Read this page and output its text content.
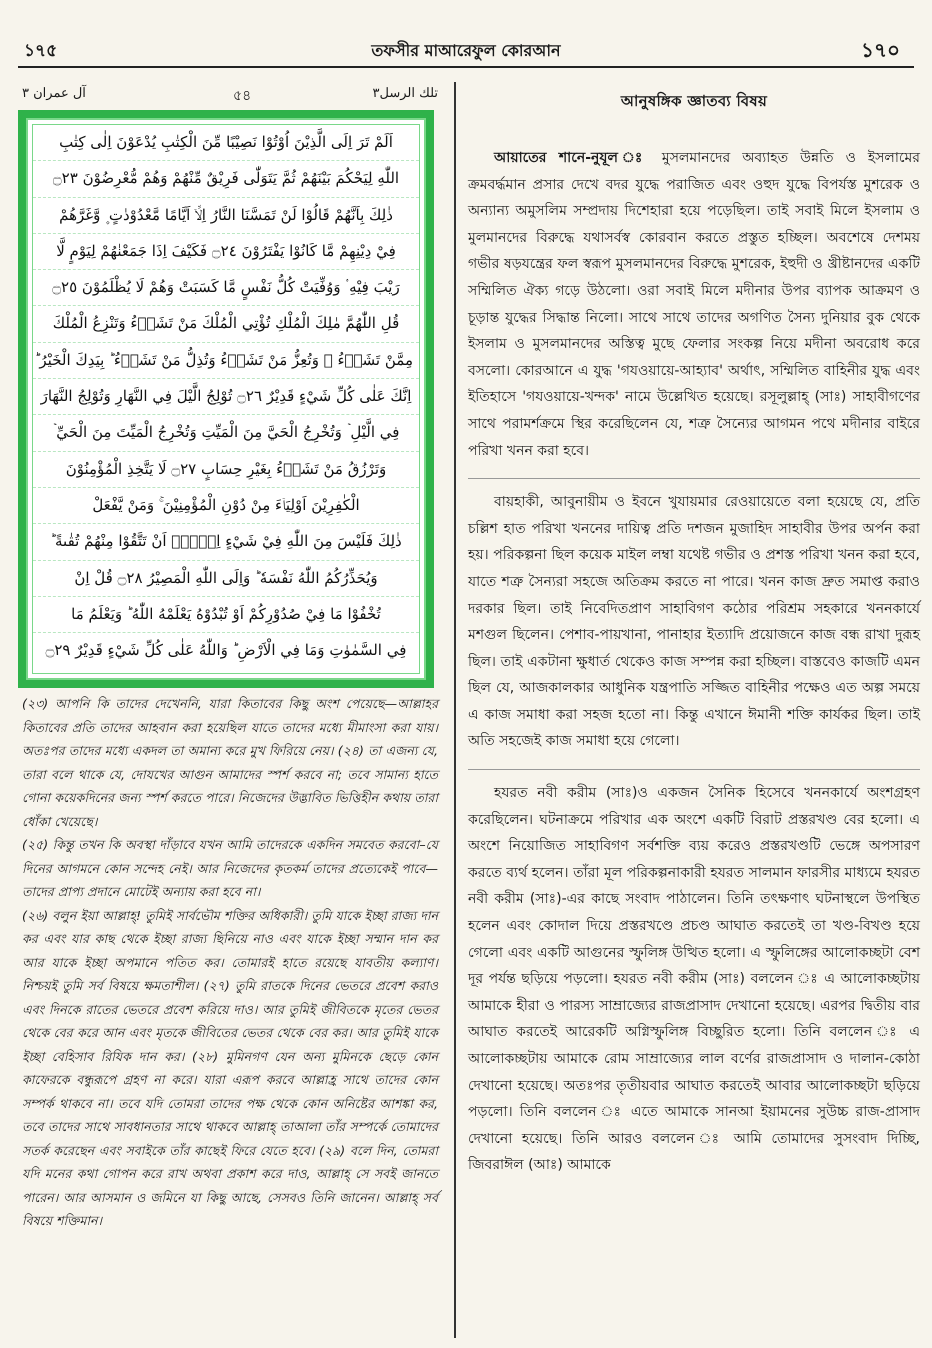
১৭৫	তফসীর মাআরেফুল কোরআন	১৭০
آل عمران ٣	৫৪	تلك الرسل٣
اَلَمْ تَرَ اِلَى الَّذِيْنَ اُوْتُوْا نَصِيْبًا مِّنَ الْكِتٰبِ يُدْعَوْنَ اِلٰى كِتٰبِ
اللّٰهِ لِيَحْكُمَ بَيْنَهُمْ ثُمَّ يَتَوَلّٰى فَرِيْقٌ مِّنْهُمْ وَهُمْ مُّعْرِضُوْنَ ۝٢٣
ذٰلِكَ بِاَنَّهُمْ قَالُوْا لَنْ تَمَسَّنَا النَّارُ اِلَّاۤ اَيَّامًا مَّعْدُوْدٰتٍ ۪ وَّغَرَّهُمْ
فِيْ دِيْنِهِمْ مَّا كَانُوْا يَفْتَرُوْنَ ۝٢٤ فَكَيْفَ اِذَا جَمَعْنٰهُمْ لِيَوْمٍ لَّا
رَيْبَ فِيْهِ ۟ وَوُفِّيَتْ كُلُّ نَفْسٍ مَّا كَسَبَتْ وَهُمْ لَا يُظْلَمُوْنَ ۝٢٥
قُلِ اللّٰهُمَّ مٰلِكَ الْمُلْكِ تُؤْتِي الْمُلْكَ مَنْ تَشَاۤءُ وَتَنْزِعُ الْمُلْكَ
مِمَّنْ تَشَاۤءُ ۡ وَتُعِزُّ مَنْ تَشَاۤءُ وَتُذِلُّ مَنْ تَشَاۤءُ ؕ بِيَدِكَ الْخَيْرُ ؕ
اِنَّكَ عَلٰى كُلِّ شَيْءٍ قَدِيْرٌ ۝٢٦ تُوْلِجُ الَّيْلَ فِي النَّهَارِ وَتُوْلِجُ النَّهَارَ
فِي الَّيْلِ ۡ وَتُخْرِجُ الْحَيَّ مِنَ الْمَيِّتِ وَتُخْرِجُ الْمَيِّتَ مِنَ الْحَيِّ ۡ
وَتَرْزُقُ مَنْ تَشَاۤءُ بِغَيْرِ حِسَابٍ ۝٢٧ لَا يَتَّخِذِ الْمُؤْمِنُوْنَ
الْكٰفِرِيْنَ اَوْلِيَاۤءَ مِنْ دُوْنِ الْمُؤْمِنِيْنَ ۚ وَمَنْ يَّفْعَلْ
ذٰلِكَ فَلَيْسَ مِنَ اللّٰهِ فِيْ شَيْءٍ اِلَّاۤ اَنْ تَتَّقُوْا مِنْهُمْ تُقٰىةً ؕ
وَيُحَذِّرُكُمُ اللّٰهُ نَفْسَهٗ ؕ وَاِلَى اللّٰهِ الْمَصِيْرُ ۝٢٨ قُلْ اِنْ
تُخْفُوْا مَا فِيْ صُدُوْرِكُمْ اَوْ تُبْدُوْهُ يَعْلَمْهُ اللّٰهُ ؕ وَيَعْلَمُ مَا
فِي السَّمٰوٰتِ وَمَا فِي الْاَرْضِ ؕ وَاللّٰهُ عَلٰى كُلِّ شَيْءٍ قَدِيْرٌ ۝٢٩

(২৩) আপনি কি তাদের দেখেননি, যারা কিতাবের কিছু অংশ পেয়েছে—আল্লাহর কিতাবের প্রতি তাদের আহবান করা হয়েছিল যাতে তাদের মধ্যে মীমাংসা করা যায়। অতঃপর তাদের মধ্যে একদল তা অমান্য করে মুখ ফিরিয়ে নেয়। (২৪) তা এজন্য যে, তারা বলে থাকে যে, দোযখের আগুন আমাদের স্পর্শ করবে না; তবে সামান্য হাতে গোনা কয়েকদিনের জন্য স্পর্শ করতে পারে। নিজেদের উদ্ভাবিত ভিত্তিহীন কথায় তারা ধোঁকা খেয়েছে।

(২৫) কিন্তু তখন কি অবস্থা দাঁড়াবে যখন আমি তাদেরকে একদিন সমবেত করবো–যে দিনের আগমনে কোন সন্দেহ নেই। আর নিজেদের কৃতকর্ম তাদের প্রত্যেকেই পাবে—তাদের প্রাপ্য প্রদানে মোটেই অন্যায় করা হবে না।

(২৬) বলুন ইয়া আল্লাহ্! তুমিই সার্বভৌম শক্তির অধিকারী। তুমি যাকে ইচ্ছা রাজ্য দান কর এবং যার কাছ থেকে ইচ্ছা রাজ্য ছিনিয়ে নাও এবং যাকে ইচ্ছা সম্মান দান কর আর যাকে ইচ্ছা অপমানে পতিত কর। তোমারই হাতে রয়েছে যাবতীয় কল্যাণ। নিশ্চয়ই তুমি সর্ব বিষয়ে ক্ষমতাশীল। (২৭) তুমি রাতকে দিনের ভেতরে প্রবেশ করাও এবং দিনকে রাতের ভেতরে প্রবেশ করিয়ে দাও। আর তুমিই জীবিতকে মৃতের ভেতর থেকে বের করে আন এবং মৃতকে জীবিতের ভেতর থেকে বের কর। আর তুমিই যাকে ইচ্ছা বেহিসাব রিযিক দান কর। (২৮) মুমিনগণ যেন অন্য মুমিনকে ছেড়ে কোন কাফেরকে বন্ধুরূপে গ্রহণ না করে। যারা এরূপ করবে আল্লাহ্র সাথে তাদের কোন সম্পর্ক থাকবে না। তবে যদি তোমরা তাদের পক্ষ থেকে কোন অনিষ্টের আশঙ্কা কর, তবে তাদের সাথে সাবধানতার সাথে থাকবে আল্লাহ্ তাআলা তাঁর সম্পর্কে তোমাদের সতর্ক করেছেন এবং সবাইকে তাঁর কাছেই ফিরে যেতে হবে। (২৯) বলে দিন, তোমরা যদি মনের কথা গোপন করে রাখ অথবা প্রকাশ করে দাও, আল্লাহ্ সে সবই জানতে পারেন। আর আসমান ও জমিনে যা কিছু আছে, সেসবও তিনি জানেন। আল্লাহ্ সর্ব বিষয়ে শক্তিমান।

আনুষঙ্গিক জ্ঞাতব্য বিষয়

আয়াতের শানে-নুযূল ঃ মুসলমানদের অব্যাহত উন্নতি ও ইসলামের ক্রমবর্দ্ধমান প্রসার দেখে বদর যুদ্ধে পরাজিত এবং ওহুদ যুদ্ধে বিপর্যস্ত মুশরেক ও অন্যান্য অমুসলিম সম্প্রদায় দিশেহারা হয়ে পড়েছিল। তাই সবাই মিলে ইসলাম ও মুলমানদের বিরুদ্ধে যথাসর্বস্ব কোরবান করতে প্রস্তুত হচ্ছিল। অবশেষে দেশময় গভীর ষড়যন্ত্রের ফল স্বরূপ মুসলমানদের বিরুদ্ধে মুশরেক, ইহুদী ও খ্রীষ্টানদের একটি সম্মিলিত ঐক্য গড়ে উঠলো। ওরা সবাই মিলে মদীনার উপর ব্যাপক আক্রমণ ও চূড়ান্ত যুদ্ধের সিদ্ধান্ত নিলো। সাথে সাথে তাদের অগণিত সৈন্য দুনিয়ার বুক থেকে ইসলাম ও মুসলমানদের অস্তিত্ব মুছে ফেলার সংকল্প নিয়ে মদীনা অবরোধ করে বসলো। কোরআনে এ যুদ্ধ 'গযওয়ায়ে-আহ্যাব' অর্থাৎ, সম্মিলিত বাহিনীর যুদ্ধ এবং ইতিহাসে 'গযওয়ায়ে-খন্দক' নামে উল্লেখিত হয়েছে। রসূলুল্লাহ্ (সাঃ) সাহাবীগণের সাথে পরামর্শক্রমে স্থির করেছিলেন যে, শত্রু সৈন্যের আগমন পথে মদীনার বাইরে পরিখা খনন করা হবে।

বায়হাকী, আবুনায়ীম ও ইবনে খুযায়মার রেওয়ায়েতে বলা হয়েছে যে, প্রতি চল্লিশ হাত পরিখা খননের দায়িত্ব প্রতি দশজন মুজাহিদ সাহাবীর উপর অর্পন করা হয়। পরিকল্পনা ছিল কয়েক মাইল লম্বা যথেষ্ট গভীর ও প্রশস্ত পরিখা খনন করা হবে, যাতে শত্রু সৈন্যরা সহজে অতিক্রম করতে না পারে। খনন কাজ দ্রুত সমাপ্ত করাও দরকার ছিল। তাই নিবেদিতপ্রাণ সাহাবিগণ কঠোর পরিশ্রম সহকারে খননকার্যে মশগুল ছিলেন। পেশাব-পায়খানা, পানাহার ইত্যাদি প্রয়োজনে কাজ বন্ধ রাখা দুরূহ ছিল। তাই একটানা ক্ষুধার্ত থেকেও কাজ সম্পন্ন করা হচ্ছিল। বাস্তবেও কাজটি এমন ছিল যে, আজকালকার আধুনিক যন্ত্রপাতি সজ্জিত বাহিনীর পক্ষেও এত অল্প সময়ে এ কাজ সমাধা করা সহজ হতো না। কিন্তু এখানে ঈমানী শক্তি কার্যকর ছিল। তাই অতি সহজেই কাজ সমাধা হয়ে গেলো।

হযরত নবী করীম (সাঃ)ও একজন সৈনিক হিসেবে খননকার্যে অংশগ্রহণ করেছিলেন। ঘটনাক্রমে পরিখার এক অংশে একটি বিরাট প্রস্তরখণ্ড বের হলো। এ অংশে নিয়োজিত সাহাবিগণ সর্বশক্তি ব্যয় করেও প্রস্তরখণ্ডটি ভেঙ্গে অপসারণ করতে ব্যর্থ হলেন। তাঁরা মূল পরিকল্পনাকারী হযরত সালমান ফারসীর মাধ্যমে হযরত নবী করীম (সাঃ)-এর কাছে সংবাদ পাঠালেন। তিনি তৎক্ষণাৎ ঘটনাস্থলে উপস্থিত হলেন এবং কোদাল দিয়ে প্রস্তরখণ্ডে প্রচণ্ড আঘাত করতেই তা খণ্ড-বিখণ্ড হয়ে গেলো এবং একটি আগুনের স্ফুলিঙ্গ উত্থিত হলো। এ স্ফুলিঙ্গের আলোকচ্ছটা বেশ দূর পর্যন্ত ছড়িয়ে পড়লো। হযরত নবী করীম (সাঃ) বললেন ঃ এ আলোকচ্ছটায় আমাকে হীরা ও পারস্য সাম্রাজ্যের রাজপ্রাসাদ দেখানো হয়েছে। এরপর দ্বিতীয় বার আঘাত করতেই আরেকটি অগ্নিস্ফুলিঙ্গ বিচ্ছুরিত হলো। তিনি বললেন ঃ এ আলোকচ্ছটায় আমাকে রোম সাম্রাজ্যের লাল বর্ণের রাজপ্রাসাদ ও দালান-কোঠা দেখানো হয়েছে। অতঃপর তৃতীয়বার আঘাত করতেই আবার আলোকচ্ছটা ছড়িয়ে পড়লো। তিনি বললেন ঃ এতে আমাকে সানআ ইয়ামনের সুউচ্চ রাজ-প্রাসাদ দেখানো হয়েছে। তিনি আরও বললেন ঃ আমি তোমাদের সুসংবাদ দিচ্ছি, জিবরাঈল (আঃ) আমাকে
